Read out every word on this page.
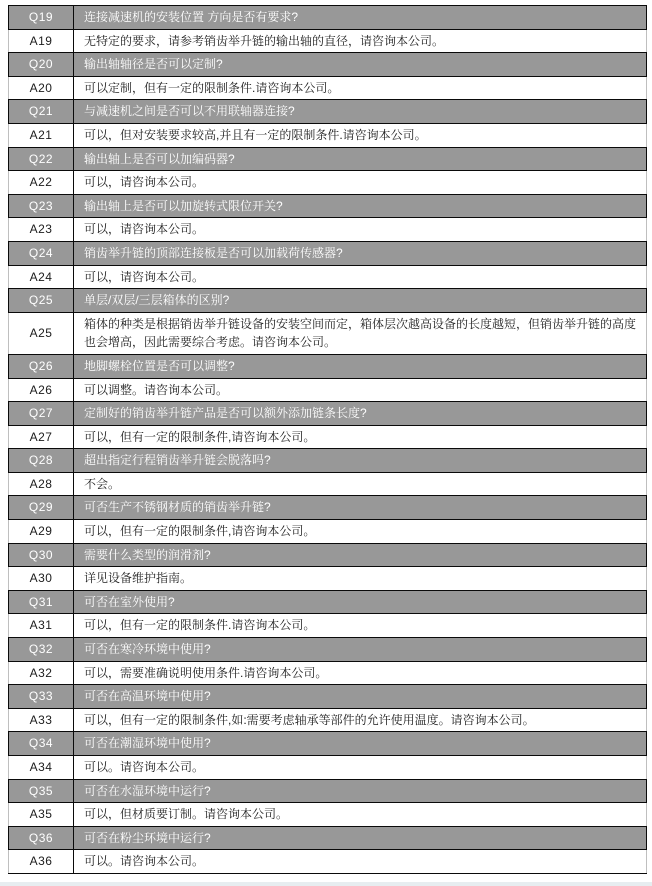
Q19	连接减速机的安装位置 方向是否有要求?
A19	无特定的要求，请参考销齿举升链的输出轴的直径，请咨询本公司。
Q20	输出轴轴径是否可以定制?
A20	可以定制，但有一定的限制条件.请咨询本公司。
Q21	与减速机之间是否可以不用联轴器连接?
A21	可以，但对安装要求较高,并且有一定的限制条件.请咨询本公司。
Q22	输出轴上是否可以加编码器?
A22	可以，请咨询本公司。
Q23	输出轴上是否可以加旋转式限位开关?
A23	可以，请咨询本公司。
Q24	销齿举升链的顶部连接板是否可以加载荷传感器?
A24	可以，请咨询本公司。
Q25	单层/双层/三层箱体的区别?
A25	箱体的种类是根据销齿举升链设备的安装空间而定，箱体层次越高设备的长度越短，但销齿举升链的高度也会增高，因此需要综合考虑。请咨询本公司。
Q26	地脚螺栓位置是否可以调整?
A26	可以调整。请咨询本公司。
Q27	定制好的销齿举升链产品是否可以额外添加链条长度?
A27	可以，但有一定的限制条件,请咨询本公司。
Q28	超出指定行程销齿举升链会脱落吗?
A28	不会。
Q29	可否生产不锈钢材质的销齿举升链?
A29	可以，但有一定的限制条件,请咨询本公司。
Q30	需要什么类型的润滑剂?
A30	详见设备维护指南。
Q31	可否在室外使用?
A31	可以，但有一定的限制条件.请咨询本公司。
Q32	可否在寒冷环境中使用?
A32	可以，需要准确说明使用条件.请咨询本公司。
Q33	可否在高温环境中使用?
A33	可以，但有一定的限制条件,如:需要考虑轴承等部件的允许使用温度。请咨询本公司。
Q34	可否在潮湿环境中使用?
A34	可以。请咨询本公司。
Q35	可否在水湿环境中运行?
A35	可以，但材质要订制。请咨询本公司。
Q36	可否在粉尘环境中运行?
A36	可以。请咨询本公司。
